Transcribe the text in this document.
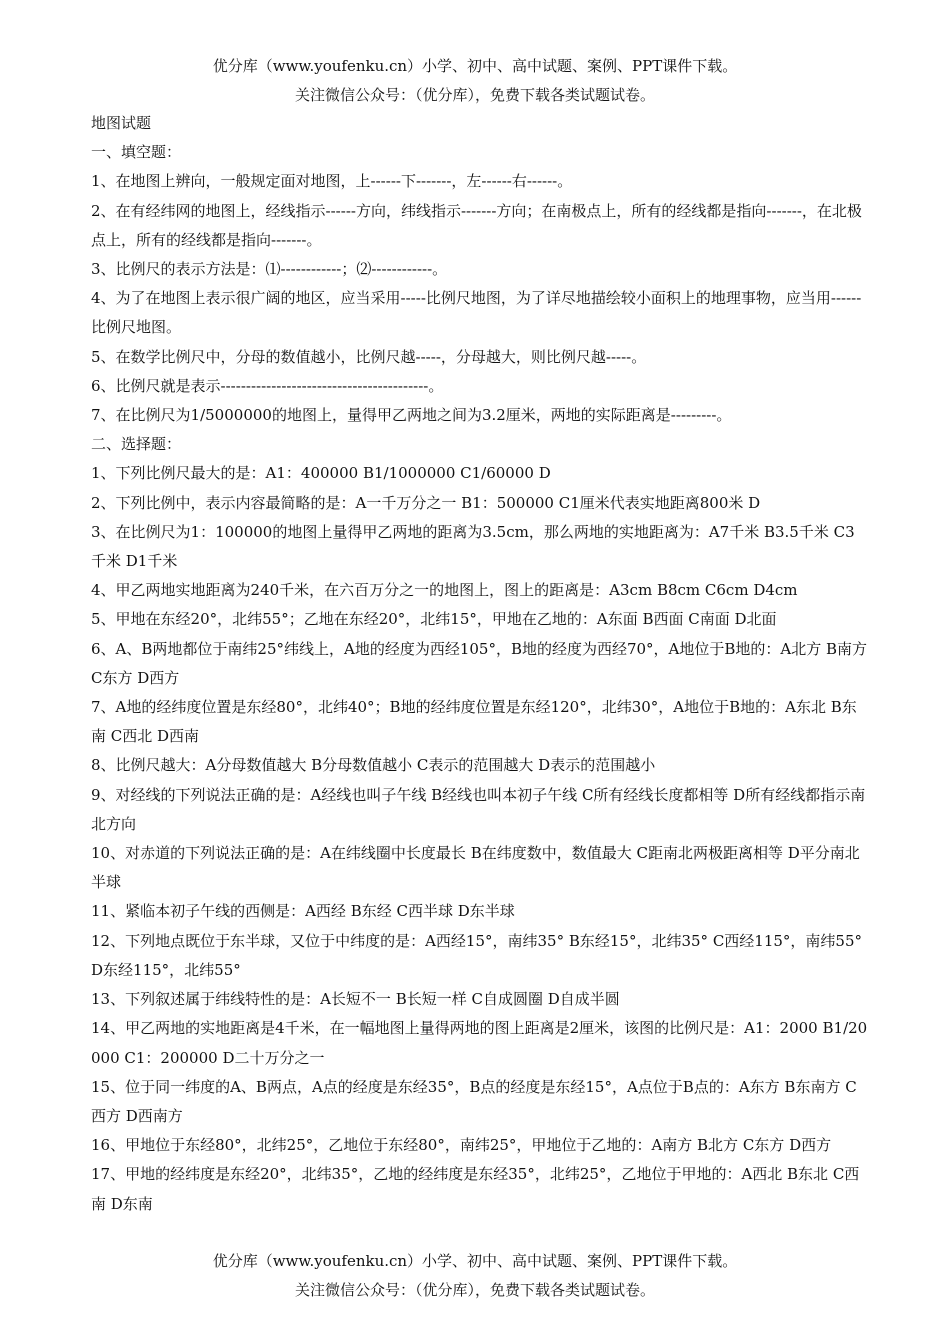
优分库（www.youfenku.cn）小学、初中、高中试题、案例、PPT课件下载。
关注微信公众号：（优分库），免费下载各类试题试卷。

地图试题

一、填空题：

1、在地图上辨向，一般规定面对地图，上------下-------，左------右------。

2、在有经纬网的地图上，经线指示------方向，纬线指示-------方向；在南极点上，所有的经线都是指向-------，在北极点上，所有的经线都是指向-------。

3、比例尺的表示方法是：⑴------------；⑵------------。

4、为了在地图上表示很广阔的地区，应当采用-----比例尺地图，为了详尽地描绘较小面积上的地理事物，应当用------比例尺地图。

5、在数学比例尺中，分母的数值越小，比例尺越-----，分母越大，则比例尺越-----。

6、比例尺就是表示-----------------------------------------。

7、在比例尺为1/5000000的地图上，量得甲乙两地之间为3.2厘米，两地的实际距离是---------。

二、选择题：

1、下列比例尺最大的是：A1：400000 B1/1000000 C1/60000 D

2、下列比例中，表示内容最简略的是：A一千万分之一 B1：500000 C1厘米代表实地距离800米 D

3、在比例尺为1：100000的地图上量得甲乙两地的距离为3.5cm，那么两地的实地距离为：A7千米 B3.5千米 C3千米 D1千米

4、甲乙两地实地距离为240千米，在六百万分之一的地图上，图上的距离是：A3cm B8cm C6cm D4cm

5、甲地在东经20°，北纬55°；乙地在东经20°，北纬15°，甲地在乙地的：A东面 B西面 C南面 D北面

6、A、B两地都位于南纬25°纬线上，A地的经度为西经105°，B地的经度为西经70°，A地位于B地的：A北方 B南方 C东方 D西方

7、A地的经纬度位置是东经80°，北纬40°；B地的经纬度位置是东经120°，北纬30°，A地位于B地的：A东北 B东南 C西北 D西南

8、比例尺越大：A分母数值越大 B分母数值越小 C表示的范围越大 D表示的范围越小

9、对经线的下列说法正确的是：A经线也叫子午线 B经线也叫本初子午线 C所有经线长度都相等 D所有经线都指示南北方向

10、对赤道的下列说法正确的是：A在纬线圈中长度最长 B在纬度数中，数值最大 C距南北两极距离相等 D平分南北半球

11、紧临本初子午线的西侧是：A西经 B东经 C西半球 D东半球

12、下列地点既位于东半球，又位于中纬度的是：A西经15°，南纬35° B东经15°，北纬35° C西经115°，南纬55° D东经115°，北纬55°

13、下列叙述属于纬线特性的是：A长短不一 B长短一样 C自成圆圈 D自成半圆

14、甲乙两地的实地距离是4千米，在一幅地图上量得两地的图上距离是2厘米，该图的比例尺是：A1：2000 B1/20000 C1：200000 D二十万分之一

15、位于同一纬度的A、B两点，A点的经度是东经35°，B点的经度是东经15°，A点位于B点的：A东方 B东南方 C西方 D西南方

16、甲地位于东经80°，北纬25°，乙地位于东经80°，南纬25°，甲地位于乙地的：A南方 B北方 C东方 D西方

17、甲地的经纬度是东经20°，北纬35°，乙地的经纬度是东经35°，北纬25°，乙地位于甲地的：A西北 B东北 C西南 D东南

优分库（www.youfenku.cn）小学、初中、高中试题、案例、PPT课件下载。
关注微信公众号：（优分库），免费下载各类试题试卷。
